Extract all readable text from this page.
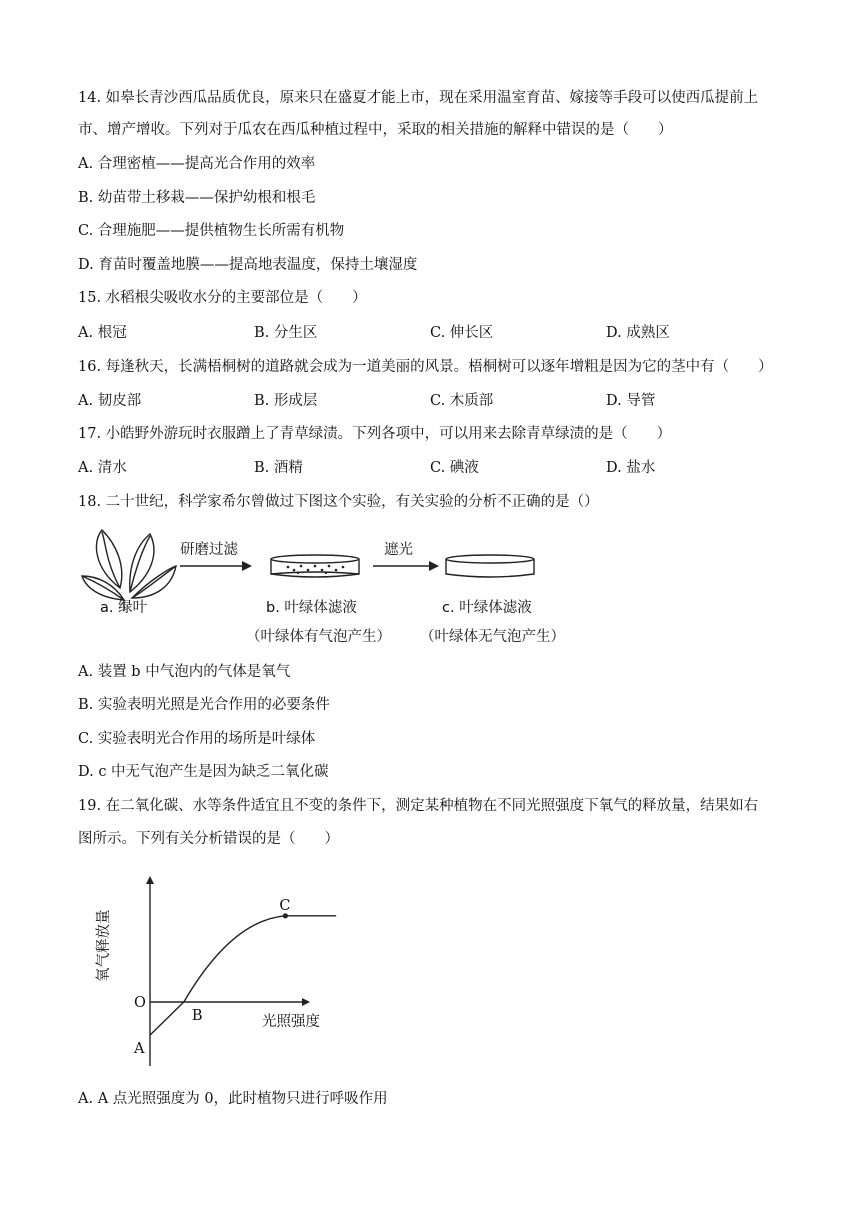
14. 如皋长青沙西瓜品质优良，原来只在盛夏才能上市，现在采用温室育苗、嫁接等手段可以使西瓜提前上
市、增产增收。下列对于瓜农在西瓜种植过程中，采取的相关措施的解释中错误的是（　　）
A. 合理密植——提高光合作用的效率
B. 幼苗带土移栽——保护幼根和根毛
C. 合理施肥——提供植物生长所需有机物
D. 育苗时覆盖地膜——提高地表温度，保持土壤湿度
15. 水稻根尖吸收水分的主要部位是（　　）
A. 根冠	B. 分生区	C. 伸长区	D. 成熟区
16. 每逢秋天，长满梧桐树的道路就会成为一道美丽的风景。梧桐树可以逐年增粗是因为它的茎中有（　　）
A. 韧皮部	B. 形成层	C. 木质部	D. 导管
17. 小皓野外游玩时衣服蹭上了青草绿渍。下列各项中，可以用来去除青草绿渍的是（　　）
A. 清水	B. 酒精	C. 碘液	D. 盐水
18. 二十世纪，科学家希尔曾做过下图这个实验，有关实验的分析不正确的是（）
研磨过滤	遮光
a. 绿叶	b. 叶绿体滤液	c. 叶绿体滤液
（叶绿体有气泡产生） （叶绿体无气泡产生）
A. 装置 b 中气泡内的气体是氧气
B. 实验表明光照是光合作用的必要条件
C. 实验表明光合作用的场所是叶绿体
D. c 中无气泡产生是因为缺乏二氧化碳
19. 在二氧化碳、水等条件适宜且不变的条件下，测定某种植物在不同光照强度下氧气的释放量，结果如右
图所示。下列有关分析错误的是（　　）
A
B
C
氧气释放量
光照强度
O
A. A 点光照强度为 0，此时植物只进行呼吸作用
